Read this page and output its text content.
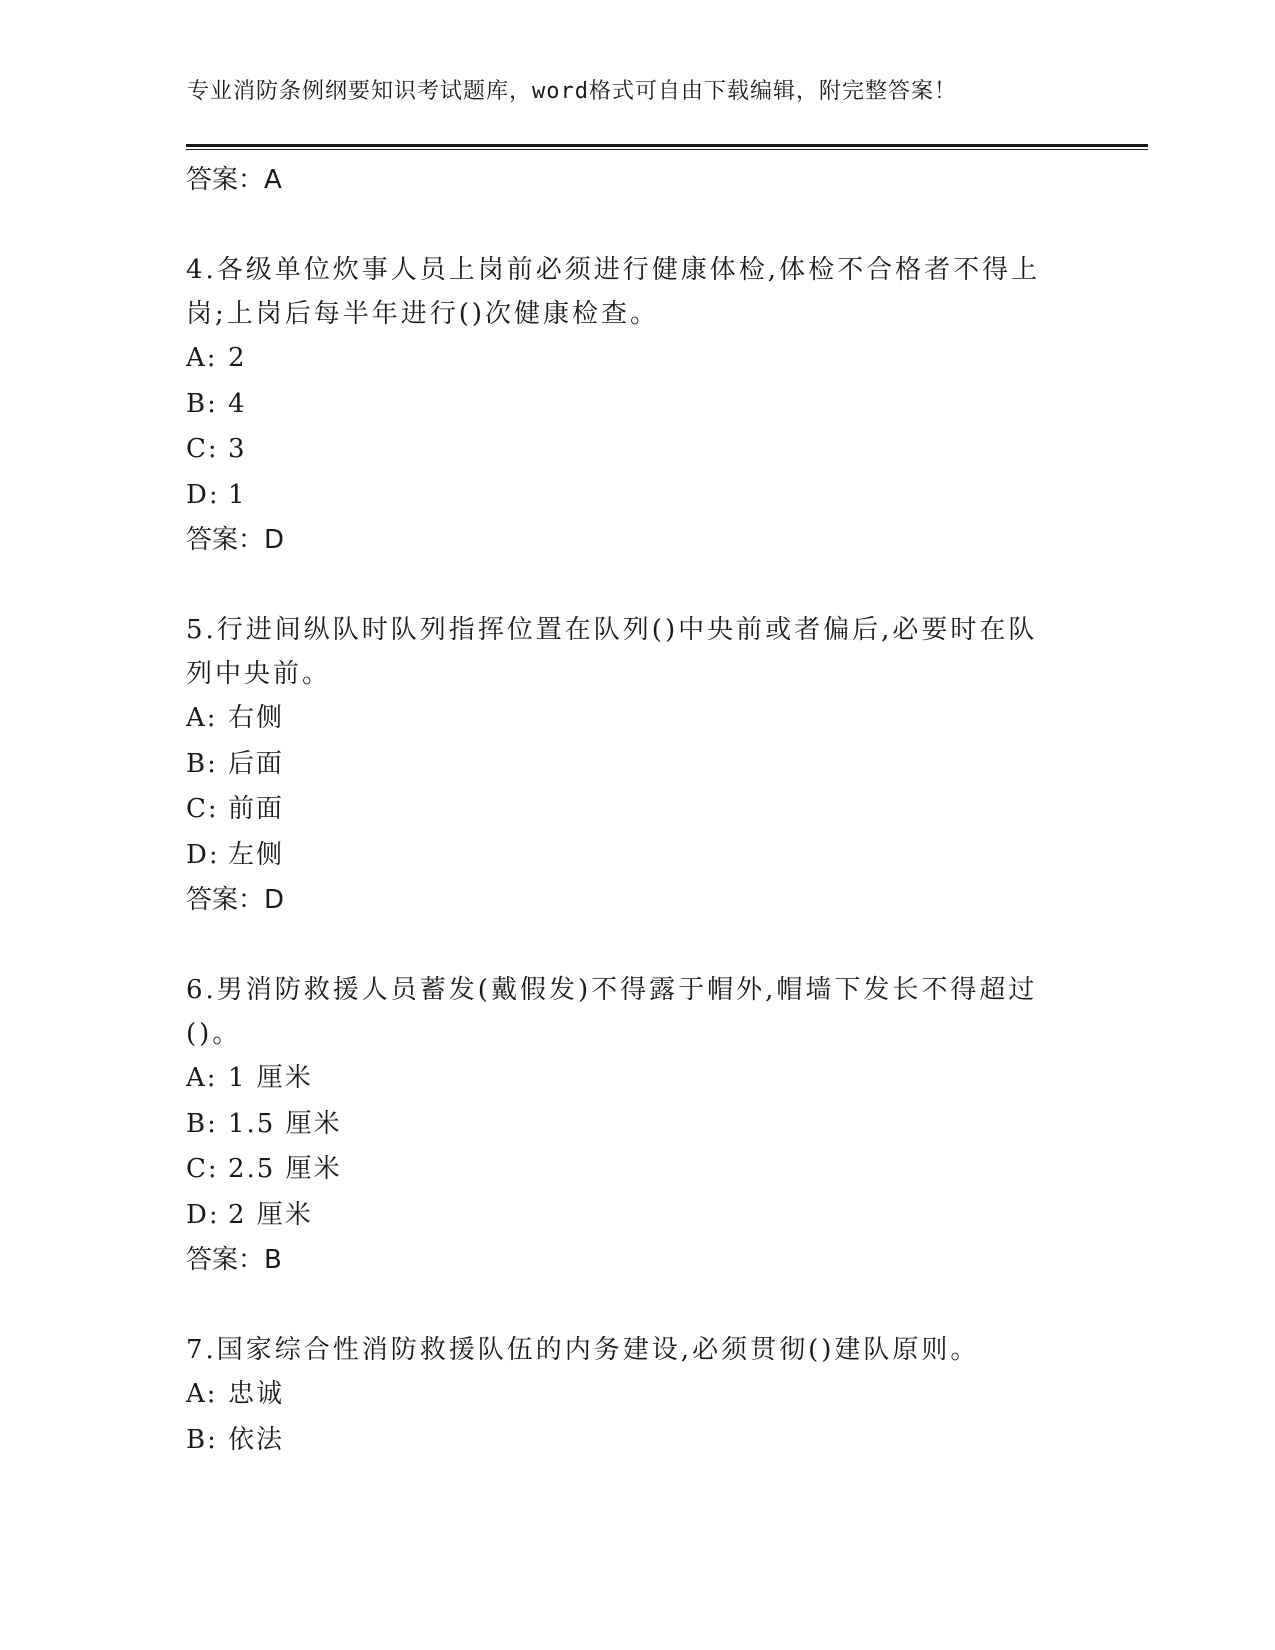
专业消防条例纲要知识考试题库，word格式可自由下载编辑，附完整答案！
答案：A
4.各级单位炊事人员上岗前必须进行健康体检,体检不合格者不得上岗;上岗后每半年进行()次健康检查。
A: 2
B: 4
C: 3
D: 1
答案：D
5.行进间纵队时队列指挥位置在队列()中央前或者偏后,必要时在队列中央前。
A: 右侧
B: 后面
C: 前面
D: 左侧
答案：D
6.男消防救援人员蓄发(戴假发)不得露于帽外,帽墙下发长不得超过()。
A: 1 厘米
B: 1.5 厘米
C: 2.5 厘米
D: 2 厘米
答案：B
7.国家综合性消防救援队伍的内务建设,必须贯彻()建队原则。
A: 忠诚
B: 依法
